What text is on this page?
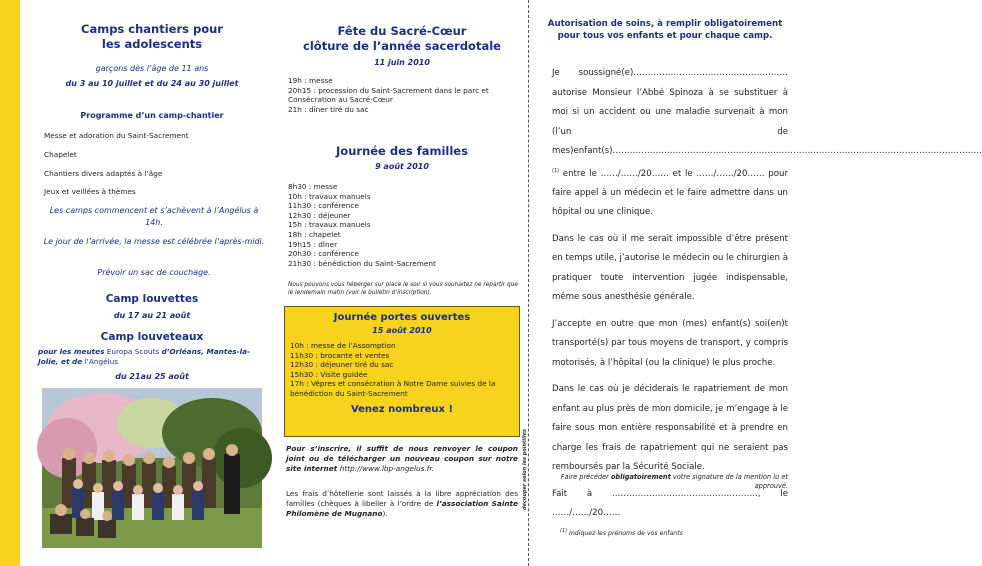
Camps chantiers pour
les adolescents
garçons dès l’âge de 11 ans
du 3 au 10 juillet et du 24 au 30 juillet
Programme d’un camp-chantier
Messe et adoration du Saint-Sacrement
Chapelet
Chantiers divers adaptés à l’âge
Jeux et veillées à thèmes
Les camps commencent et s’achèvent à l’Angélus à 14h.
Le jour de l’arrivée, la messe est célébrée l’après-midi.
Prévoir un sac de couchage.
Camp louvettes
du 17 au 21 août
Camp louveteaux
pour les meutes Europa Scouts d’Orléans, Mantes-la-Jolie, et de l’Angélus
du 21au 25 août
Fête du Sacré-Cœur
clôture de l’année sacerdotale
11 juin 2010
19h : messe
20h15 : procession du Saint-Sacrement dans le parc et Consécration au Sacré-Cœur
21h : dîner tiré du sac
Journée des familles
9 août 2010
8h30 : messe
10h : travaux manuels
11h30 : conférence
12h30 : déjeuner
15h : travaux manuels
18h : chapelet
19h15 : dîner
20h30 : conférence
21h30 : bénédiction du Saint-Sacrement
Nous pouvons vous héberger sur place le soir si vous souhaitez ne repartir que le lendemain matin (voir le bulletin d’inscription).
Journée portes ouvertes
15 août 2010
10h : messe de l’Assomption
11h30 : brocante et ventes
12h30 : déjeuner tiré du sac
15h30 : Visite guidée
17h : Vêpres et consécration à Notre Dame suivies de la bénédiction du Saint-Sacrement
Venez nombreux !
Pour s’inscrire, il suffit de nous renvoyer le coupon joint ou de télécharger un nouveau coupon sur notre site internet http://www.lbp-angelus.fr.
Les frais d’hôtellerie sont laissés à la libre appréciation des familles (chèques à libeller à l’ordre de l’association Sainte Philomène de Mugnano).
découper selon les pointillés
Autorisation de soins, à remplir obligatoirement
pour tous vos enfants et pour chaque camp.

Je soussigné(e)……………………………………………… autorise Monsieur l’Abbé Spinoza à se substituer à moi si un accident ou une maladie survenait à mon (l’un de mes)enfant(s)…………………………………………………………………………………………………………………$^{(1)}$ entre le ……/……/20…… et le ……/……/20…… pour faire appel à un médecin et le faire admettre dans un hôpital ou une clinique.

Dans le cas où il me serait impossible d’être présent en temps utile, j’autorise le médecin ou le chirurgien à pratiquer toute intervention jugée indispensable, même sous anesthésie générale.

J’accepte en outre que mon (mes) enfant(s) soi(en)t transporté(s) par tous moyens de transport, y compris motorisés, à l’hôpital (ou la clinique) le plus proche.

Dans le cas où je déciderais le rapatriement de mon enfant au plus près de mon domicile, je m’engage à le faire sous mon entière responsabilité et à prendre en charge les frais de rapatriement qui ne seraient pas remboursés par la Sécurité Sociale.

Fait à ……………………………………………, le ……/……/20……

Faire précéder obligatoirement votre signature de la mention lu et approuvé.
$^{(1)}$ Indiquez les prénoms de vos enfants
